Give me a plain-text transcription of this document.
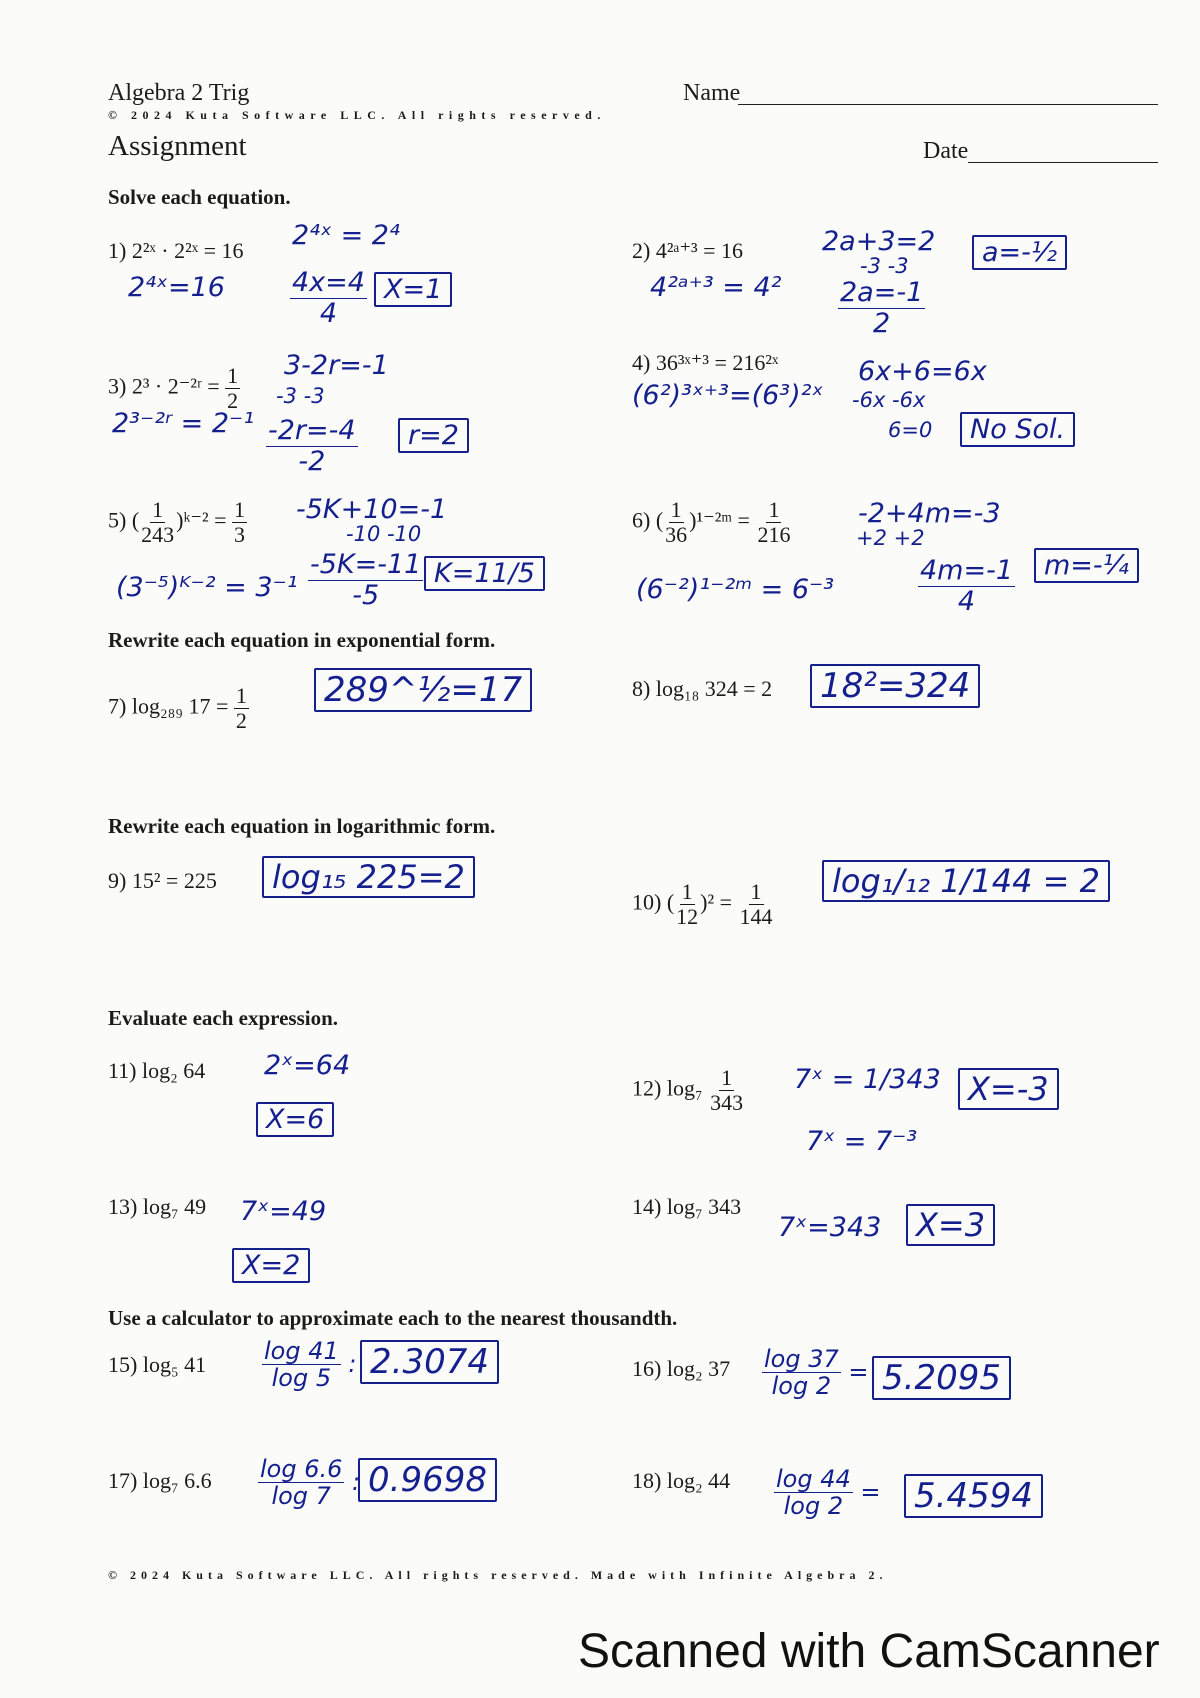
Algebra 2 Trig	Name
© 2024 Kuta Software LLC. All rights reserved.
Assignment	Date
Solve each equation.
1) 2²ˣ · 2²ˣ = 16 2⁴ˣ = 2⁴
2⁴ˣ=16 $\frac{4x=4}{4} X=1$
2) 4²ᵃ⁺³ = 16	2a+3=2
-3 -3
4²ᵃ⁺³ = $4^2 \frac{2a=-1}{2}$
a=-½
3) 2³ · 2⁻²ʳ = $\frac{1}{2} 3-2r=-1$
-3 -3
2³⁻²ʳ = $2^{-1} \frac{-2r=-4}{-2}$	r=2
4) 36³ˣ⁺³ = 216²ˣ
(6²)³ˣ⁺³=(6³)²ˣ
6x+6=6x
-6x -6x
6=0	No Sol.
5) ( $\frac{1}{243}$ )ᵏ⁻² = $\frac{1}{3} -5K+10=-1$
-10 -10
(3⁻⁵)ᴷ⁻² = $3^{-1} \frac{-5K=-11}{-5} K=11/5$
6) ( $\frac{1}{36}$ )¹⁻²ᵐ = $\frac{1}{216} -2+4m=-3$
+2 +2
(6⁻²)¹⁻²ᵐ = 6⁻³	$\frac{4m=-1}{4}$	m=-¼
Rewrite each equation in exponential form.
7) log₂₈₉ $17 = \frac{1}{2}$ 289^½=17	8) log₁₈ 324 = 2 18²=324
Rewrite each equation in logarithmic form.
9) 15² = 225	log₁₅ 225=2
10) ( $\frac{1}{12} )^2 = \frac{1}{144}$	log₁/₁₂ 1/144 = 2
Evaluate each expression.
11) log₂ 64 2ˣ=64
X=6
12) $\log_7 \frac{1}{343}$ 7ˣ = 1/343
7ˣ = 7⁻³
X=-3
13) log₇ 49 7ˣ=49
X=2
14) log₇ 343
7ˣ=343	X=3
Use a calculator to approximate each to the nearest thousandth.
15) log₅ $41 \frac{\log 41}{\log 5}$ : 2.3074	16) log₂ $37 \frac{\log 37}{\log 2} = 5.2095$
17) log₇ $6.6 \frac{\log 6.6}{\log 7}$ : 0.9698	18) log₂ $44 \frac{\log 44}{\log 2} = 5.4594$
© 2024 Kuta Software LLC. All rights reserved. Made with Infinite Algebra 2.
Scanned with CamScanner
